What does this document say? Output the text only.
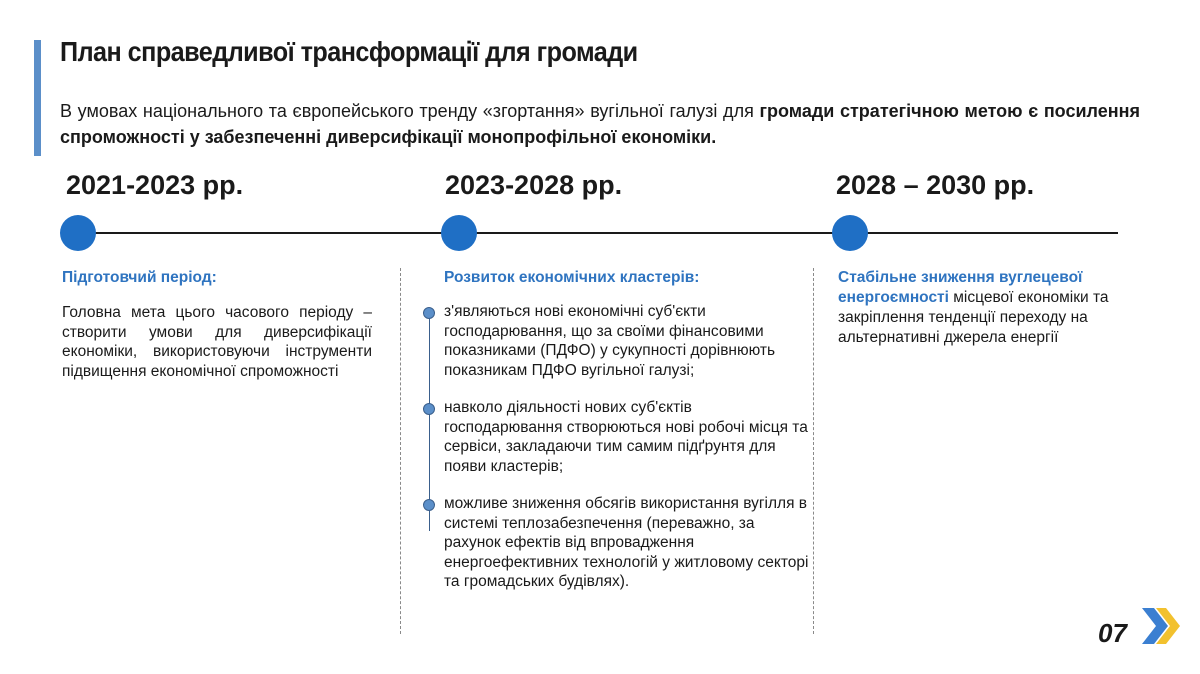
План справедливої трансформації для громади

В умовах національного та європейського тренду «згортання» вугільної галузі для громади стратегічною метою є посилення спроможності у забезпеченні диверсифікації монопрофільної економіки.

2021-2023 рр.	2023-2028 рр.	2028 – 2030 рр.
Підготовчий період:

Головна мета цього часового періоду – створити умови для диверсифікації економіки, використовуючи інструменти підвищення економічної спроможності

Розвиток економічних кластерів:
з'являються нові економічні суб'єкти господарювання, що за своїми фінансовими показниками (ПДФО) у сукупності дорівнюють показникам ПДФО вугільної галузі;
навколо діяльності нових суб'єктів господарювання створюються нові робочі місця та сервіси, закладаючи тим самим підґрунтя для появи кластерів;
можливе зниження обсягів використання вугілля в системі теплозабезпечення (переважно, за рахунок ефектів від впровадження енергоефективних технологій у житловому секторі та громадських будівлях).

Стабільне зниження вуглецевої енергоємності місцевої економіки та закріплення тенденції переходу на альтернативні джерела енергії

07
